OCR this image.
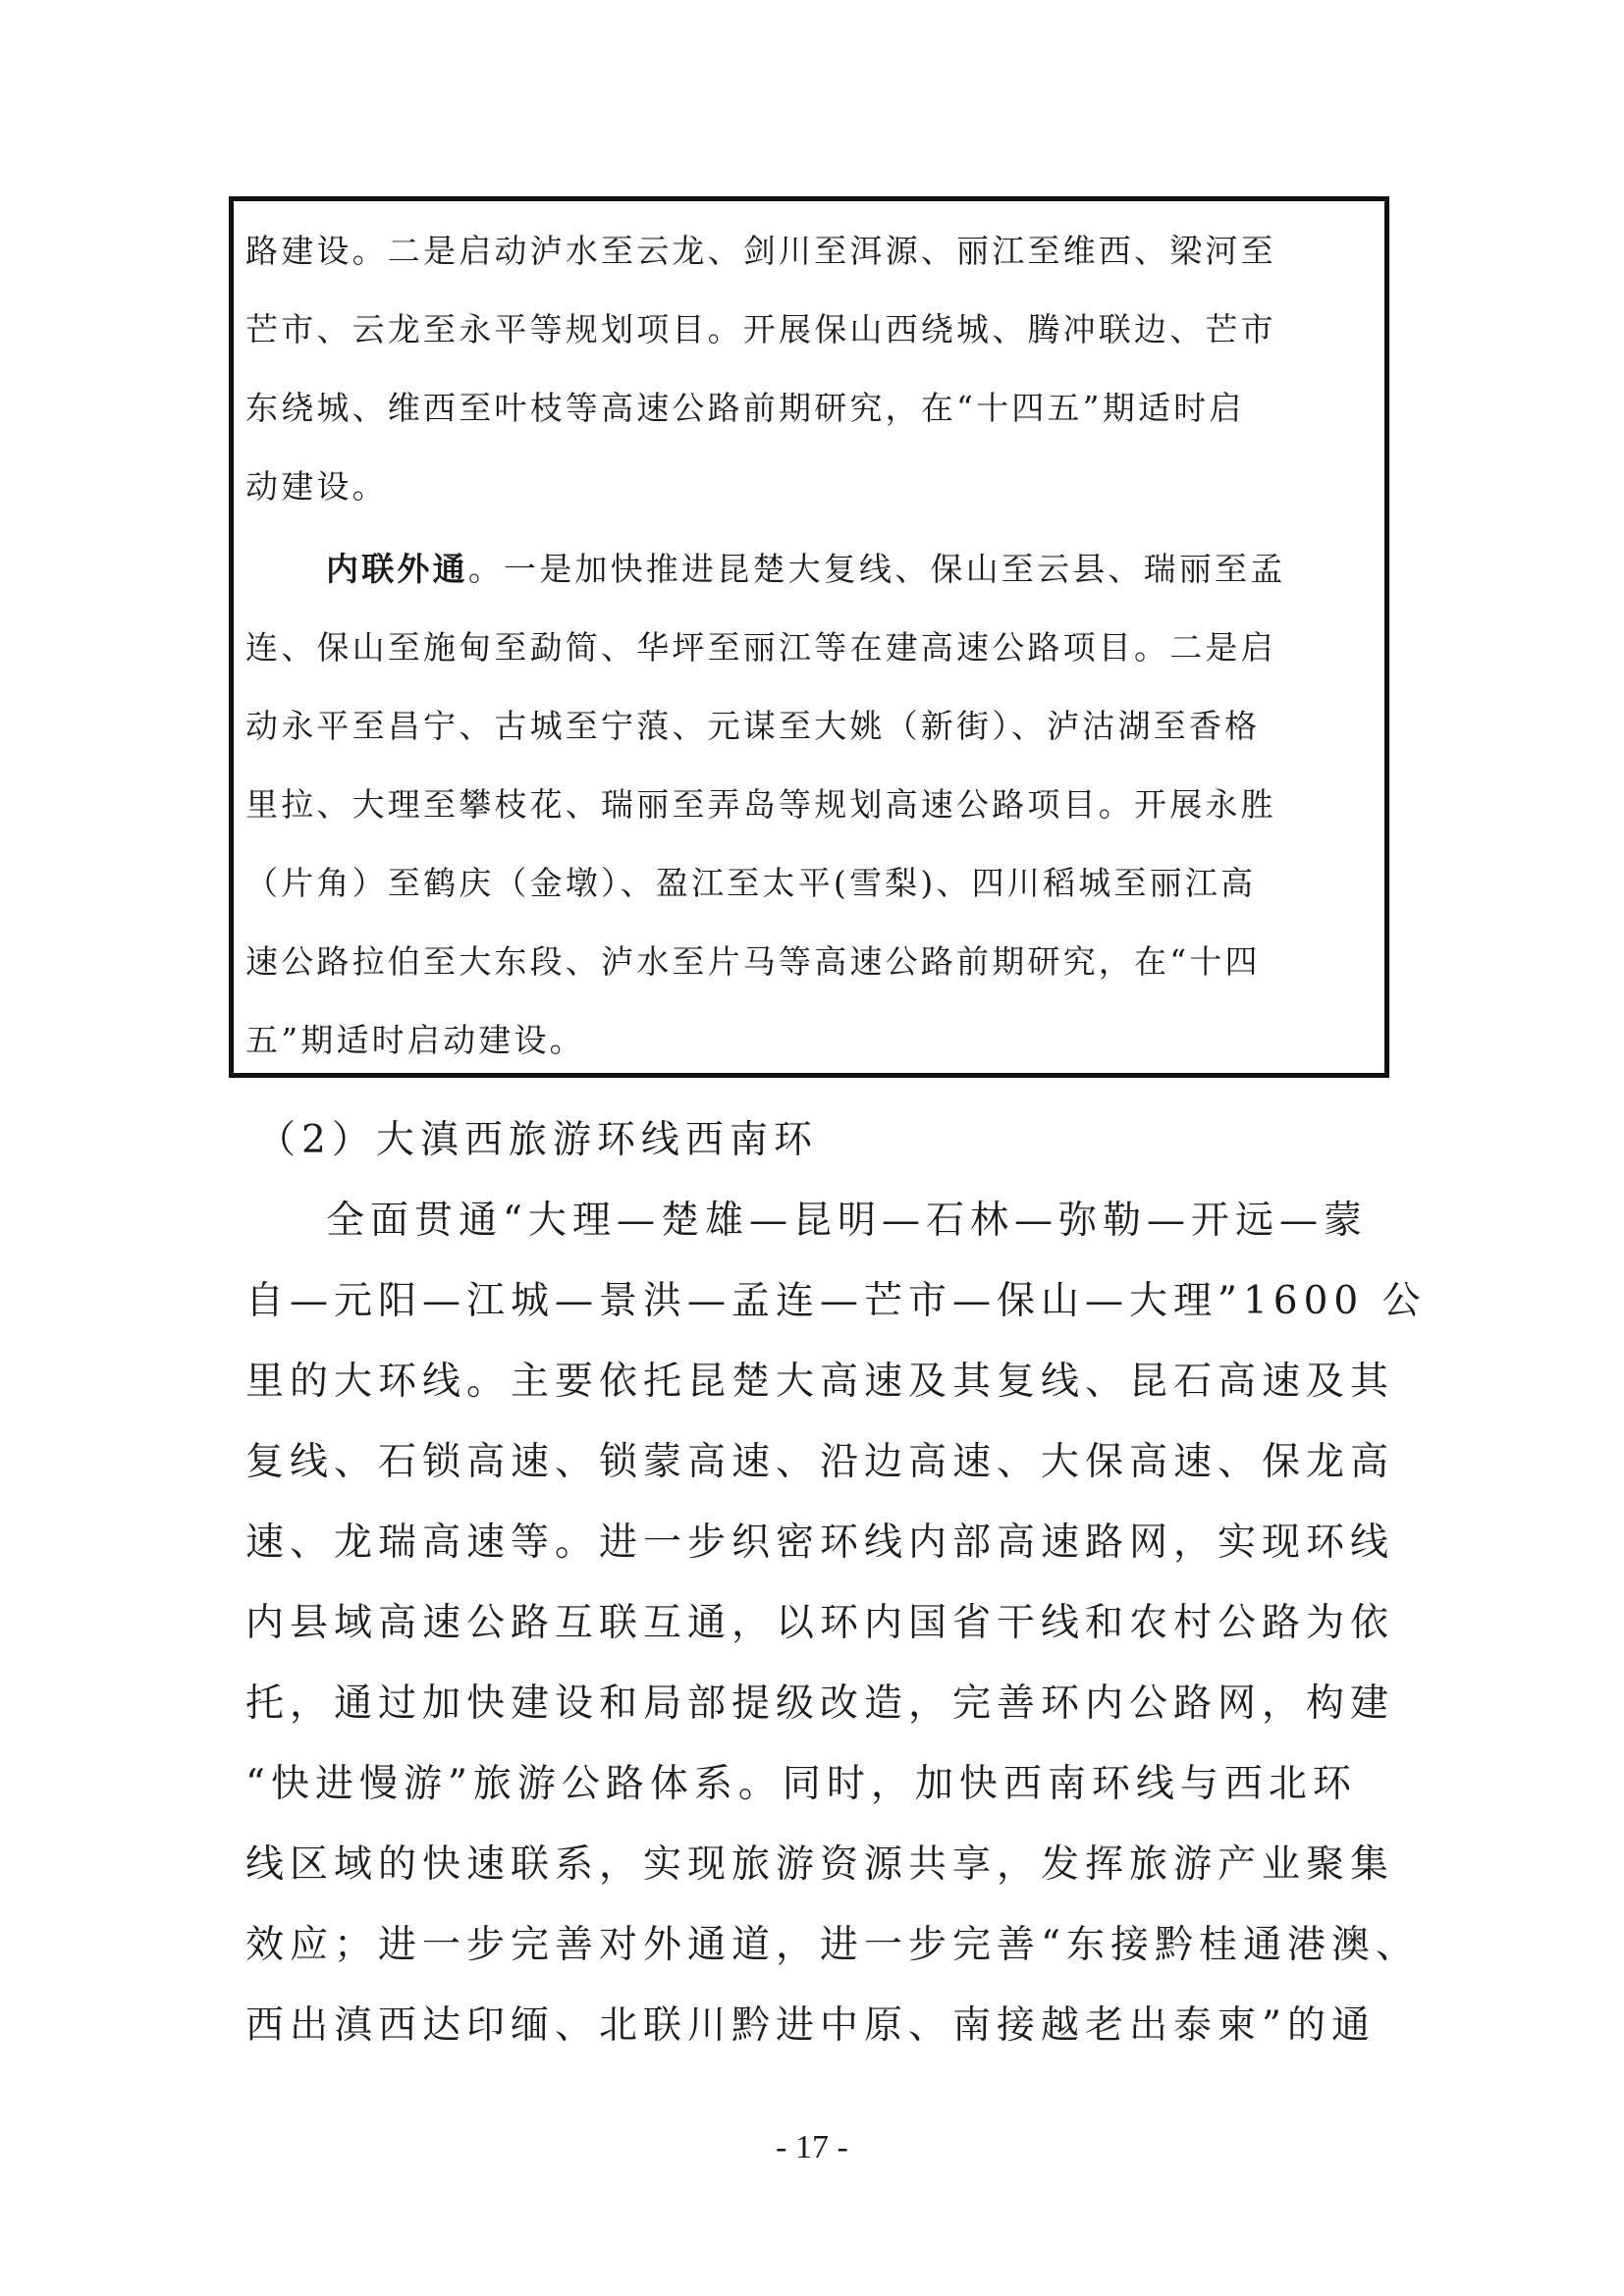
路建设。二是启动泸水至云龙、剑川至洱源、丽江至维西、梁河至
芒市、云龙至永平等规划项目。开展保山西绕城、腾冲联边、芒市
东绕城、维西至叶枝等高速公路前期研究，在“十四五”期适时启
动建设。
内联外通。一是加快推进昆楚大复线、保山至云县、瑞丽至孟
连、保山至施甸至勐简、华坪至丽江等在建高速公路项目。二是启
动永平至昌宁、古城至宁蒗、元谋至大姚（新街）、泸沽湖至香格
里拉、大理至攀枝花、瑞丽至弄岛等规划高速公路项目。开展永胜
（片角）至鹤庆（金墩）、盈江至太平(雪梨)、四川稻城至丽江高
速公路拉伯至大东段、泸水至片马等高速公路前期研究，在“十四
五”期适时启动建设。
（2）大滇西旅游环线西南环
全面贯通“大理—楚雄—昆明—石林—弥勒—开远—蒙
自—元阳—江城—景洪—孟连—芒市—保山—大理”1600 公
里的大环线。主要依托昆楚大高速及其复线、昆石高速及其
复线、石锁高速、锁蒙高速、沿边高速、大保高速、保龙高
速、龙瑞高速等。进一步织密环线内部高速路网，实现环线
内县域高速公路互联互通，以环内国省干线和农村公路为依
托，通过加快建设和局部提级改造，完善环内公路网，构建
“快进慢游”旅游公路体系。同时，加快西南环线与西北环
线区域的快速联系，实现旅游资源共享，发挥旅游产业聚集
效应；进一步完善对外通道，进一步完善“东接黔桂通港澳、
西出滇西达印缅、北联川黔进中原、南接越老出泰柬”的通
- 17 -
